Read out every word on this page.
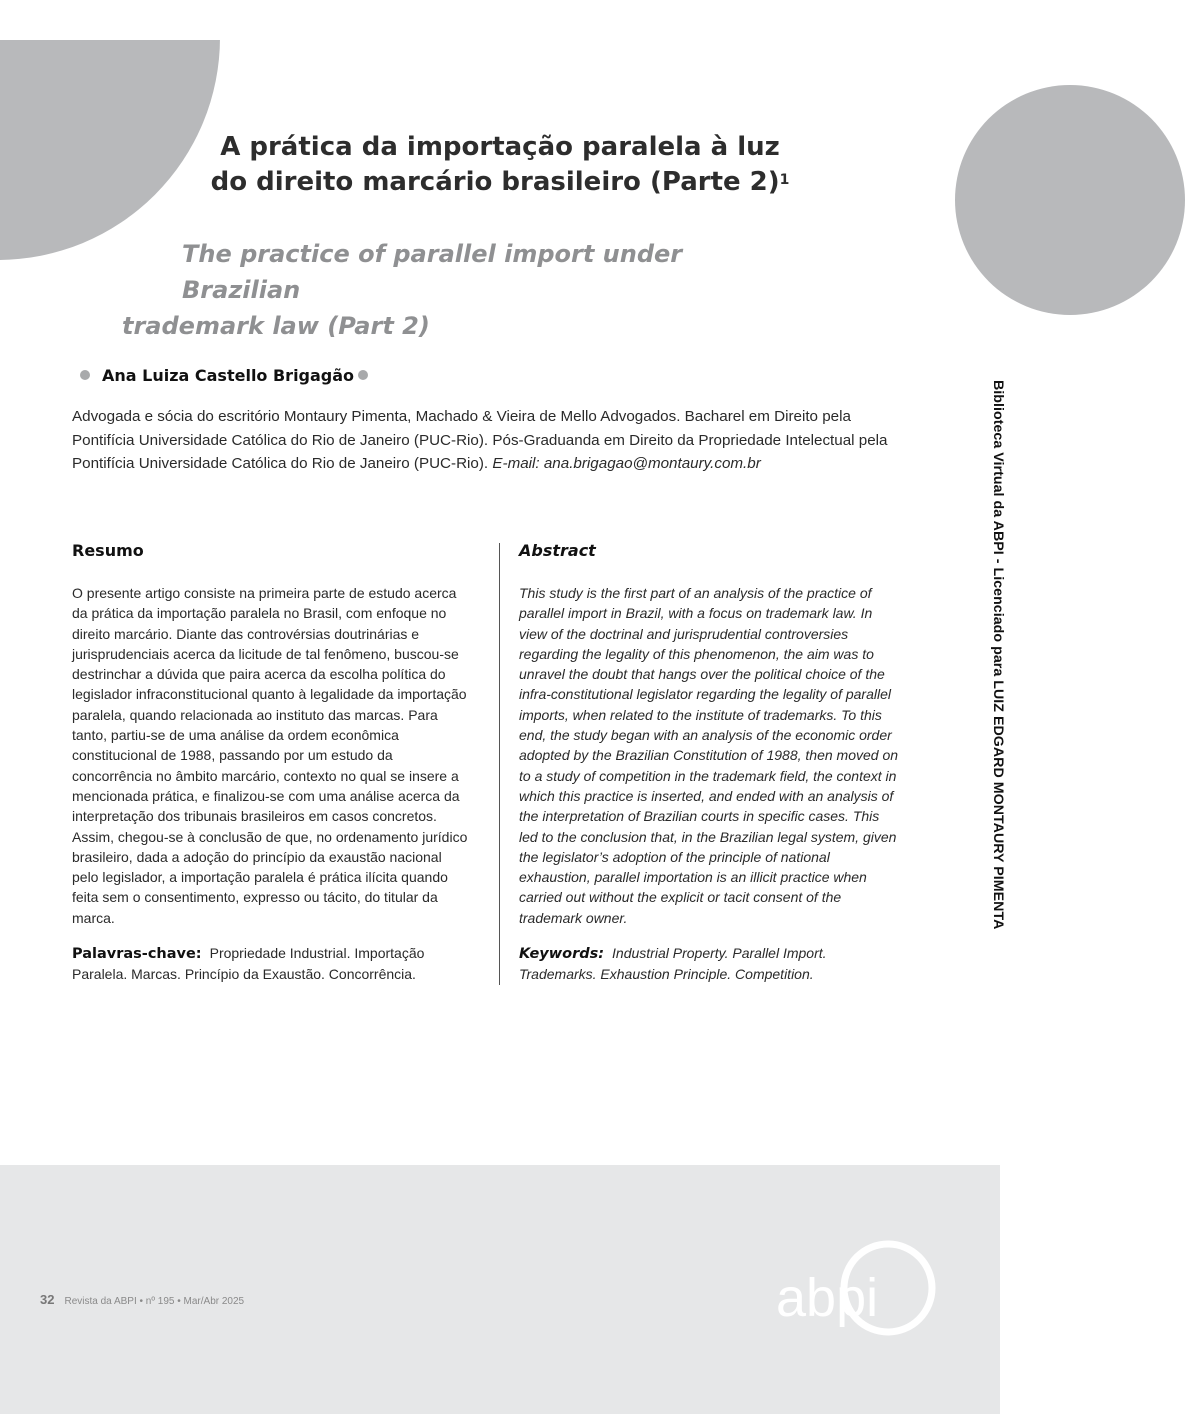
A prática da importação paralela à luz
do direito marcário brasileiro (Parte 2)$^1$
The practice of parallel import under Brazilian
trademark law (Part 2)
Ana Luiza Castello Brigagão
Advogada e sócia do escritório Montaury Pimenta, Machado & Vieira de Mello Advogados. Bacharel em Direito pela Pontifícia Universidade Católica do Rio de Janeiro (PUC-Rio). Pós-Graduanda em Direito da Propriedade Intelectual pela Pontifícia Universidade Católica do Rio de Janeiro (PUC-Rio). E-mail: ana.brigagao@montaury.com.br	Biblioteca Virtual da ABPI - Licenciado para LUIZ EDGARD MONTAURY PIMENTA
Resumo

O presente artigo consiste na primeira parte de estudo acerca da prática da importação paralela no Brasil, com enfoque no direito marcário. Diante das controvérsias doutrinárias e jurisprudenciais acerca da licitude de tal fenômeno, buscou-se destrinchar a dúvida que paira acerca da escolha política do legislador infraconstitucional quanto à legalidade da importação paralela, quando relacionada ao instituto das marcas. Para tanto, partiu-se de uma análise da ordem econômica constitucional de 1988, passando por um estudo da concorrência no âmbito marcário, contexto no qual se insere a mencionada prática, e finalizou-se com uma análise acerca da interpretação dos tribunais brasileiros em casos concretos. Assim, chegou-se à conclusão de que, no ordenamento jurídico brasileiro, dada a adoção do princípio da exaustão nacional pelo legislador, a importação paralela é prática ilícita quando feita sem o consentimento, expresso ou tácito, do titular da marca.

Palavras-chave: Propriedade Industrial. Importação Paralela. Marcas. Princípio da Exaustão. Concorrência.

Abstract

This study is the first part of an analysis of the practice of parallel import in Brazil, with a focus on trademark law. In view of the doctrinal and jurisprudential controversies regarding the legality of this phenomenon, the aim was to unravel the doubt that hangs over the political choice of the infra-constitutional legislator regarding the legality of parallel imports, when related to the institute of trademarks. To this end, the study began with an analysis of the economic order adopted by the Brazilian Constitution of 1988, then moved on to a study of competition in the trademark field, the context in which this practice is inserted, and ended with an analysis of the interpretation of Brazilian courts in specific cases. This led to the conclusion that, in the Brazilian legal system, given the legislator’s adoption of the principle of national exhaustion, parallel importation is an illicit practice when carried out without the explicit or tacit consent of the trademark owner.

Keywords: Industrial Property. Parallel Import. Trademarks. Exhaustion Principle. Competition.

32 Revista da ABPI • nº 195 • Mar/Abr 2025	abpi
